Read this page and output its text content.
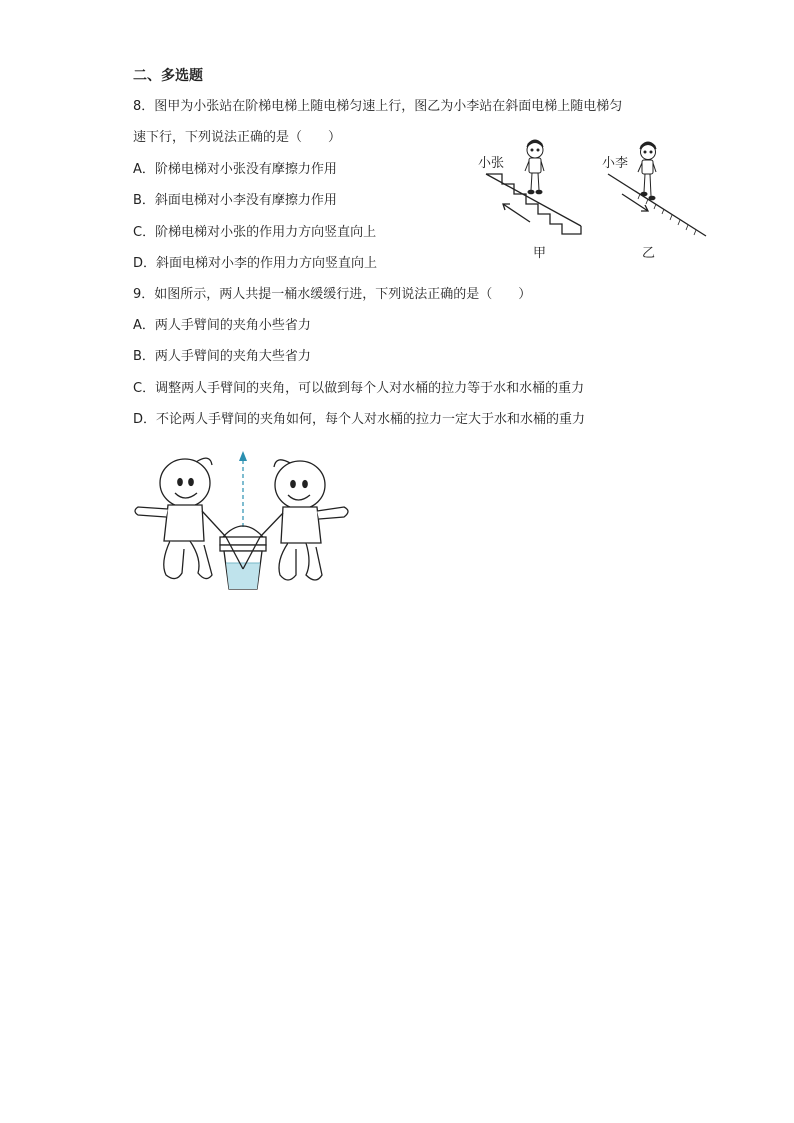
二、多选题
8．图甲为小张站在阶梯电梯上随电梯匀速上行，图乙为小李站在斜面电梯上随电梯匀
速下行，下列说法正确的是（　　）
A．阶梯电梯对小张没有摩擦力作用
B．斜面电梯对小李没有摩擦力作用
C．阶梯电梯对小张的作用力方向竖直向上
D．斜面电梯对小李的作用力方向竖直向上
小张
甲
小李
乙
9．如图所示，两人共提一桶水缓缓行进，下列说法正确的是（　　）
A．两人手臂间的夹角小些省力
B．两人手臂间的夹角大些省力
C．调整两人手臂间的夹角，可以做到每个人对水桶的拉力等于水和水桶的重力
D．不论两人手臂间的夹角如何，每个人对水桶的拉力一定大于水和水桶的重力
